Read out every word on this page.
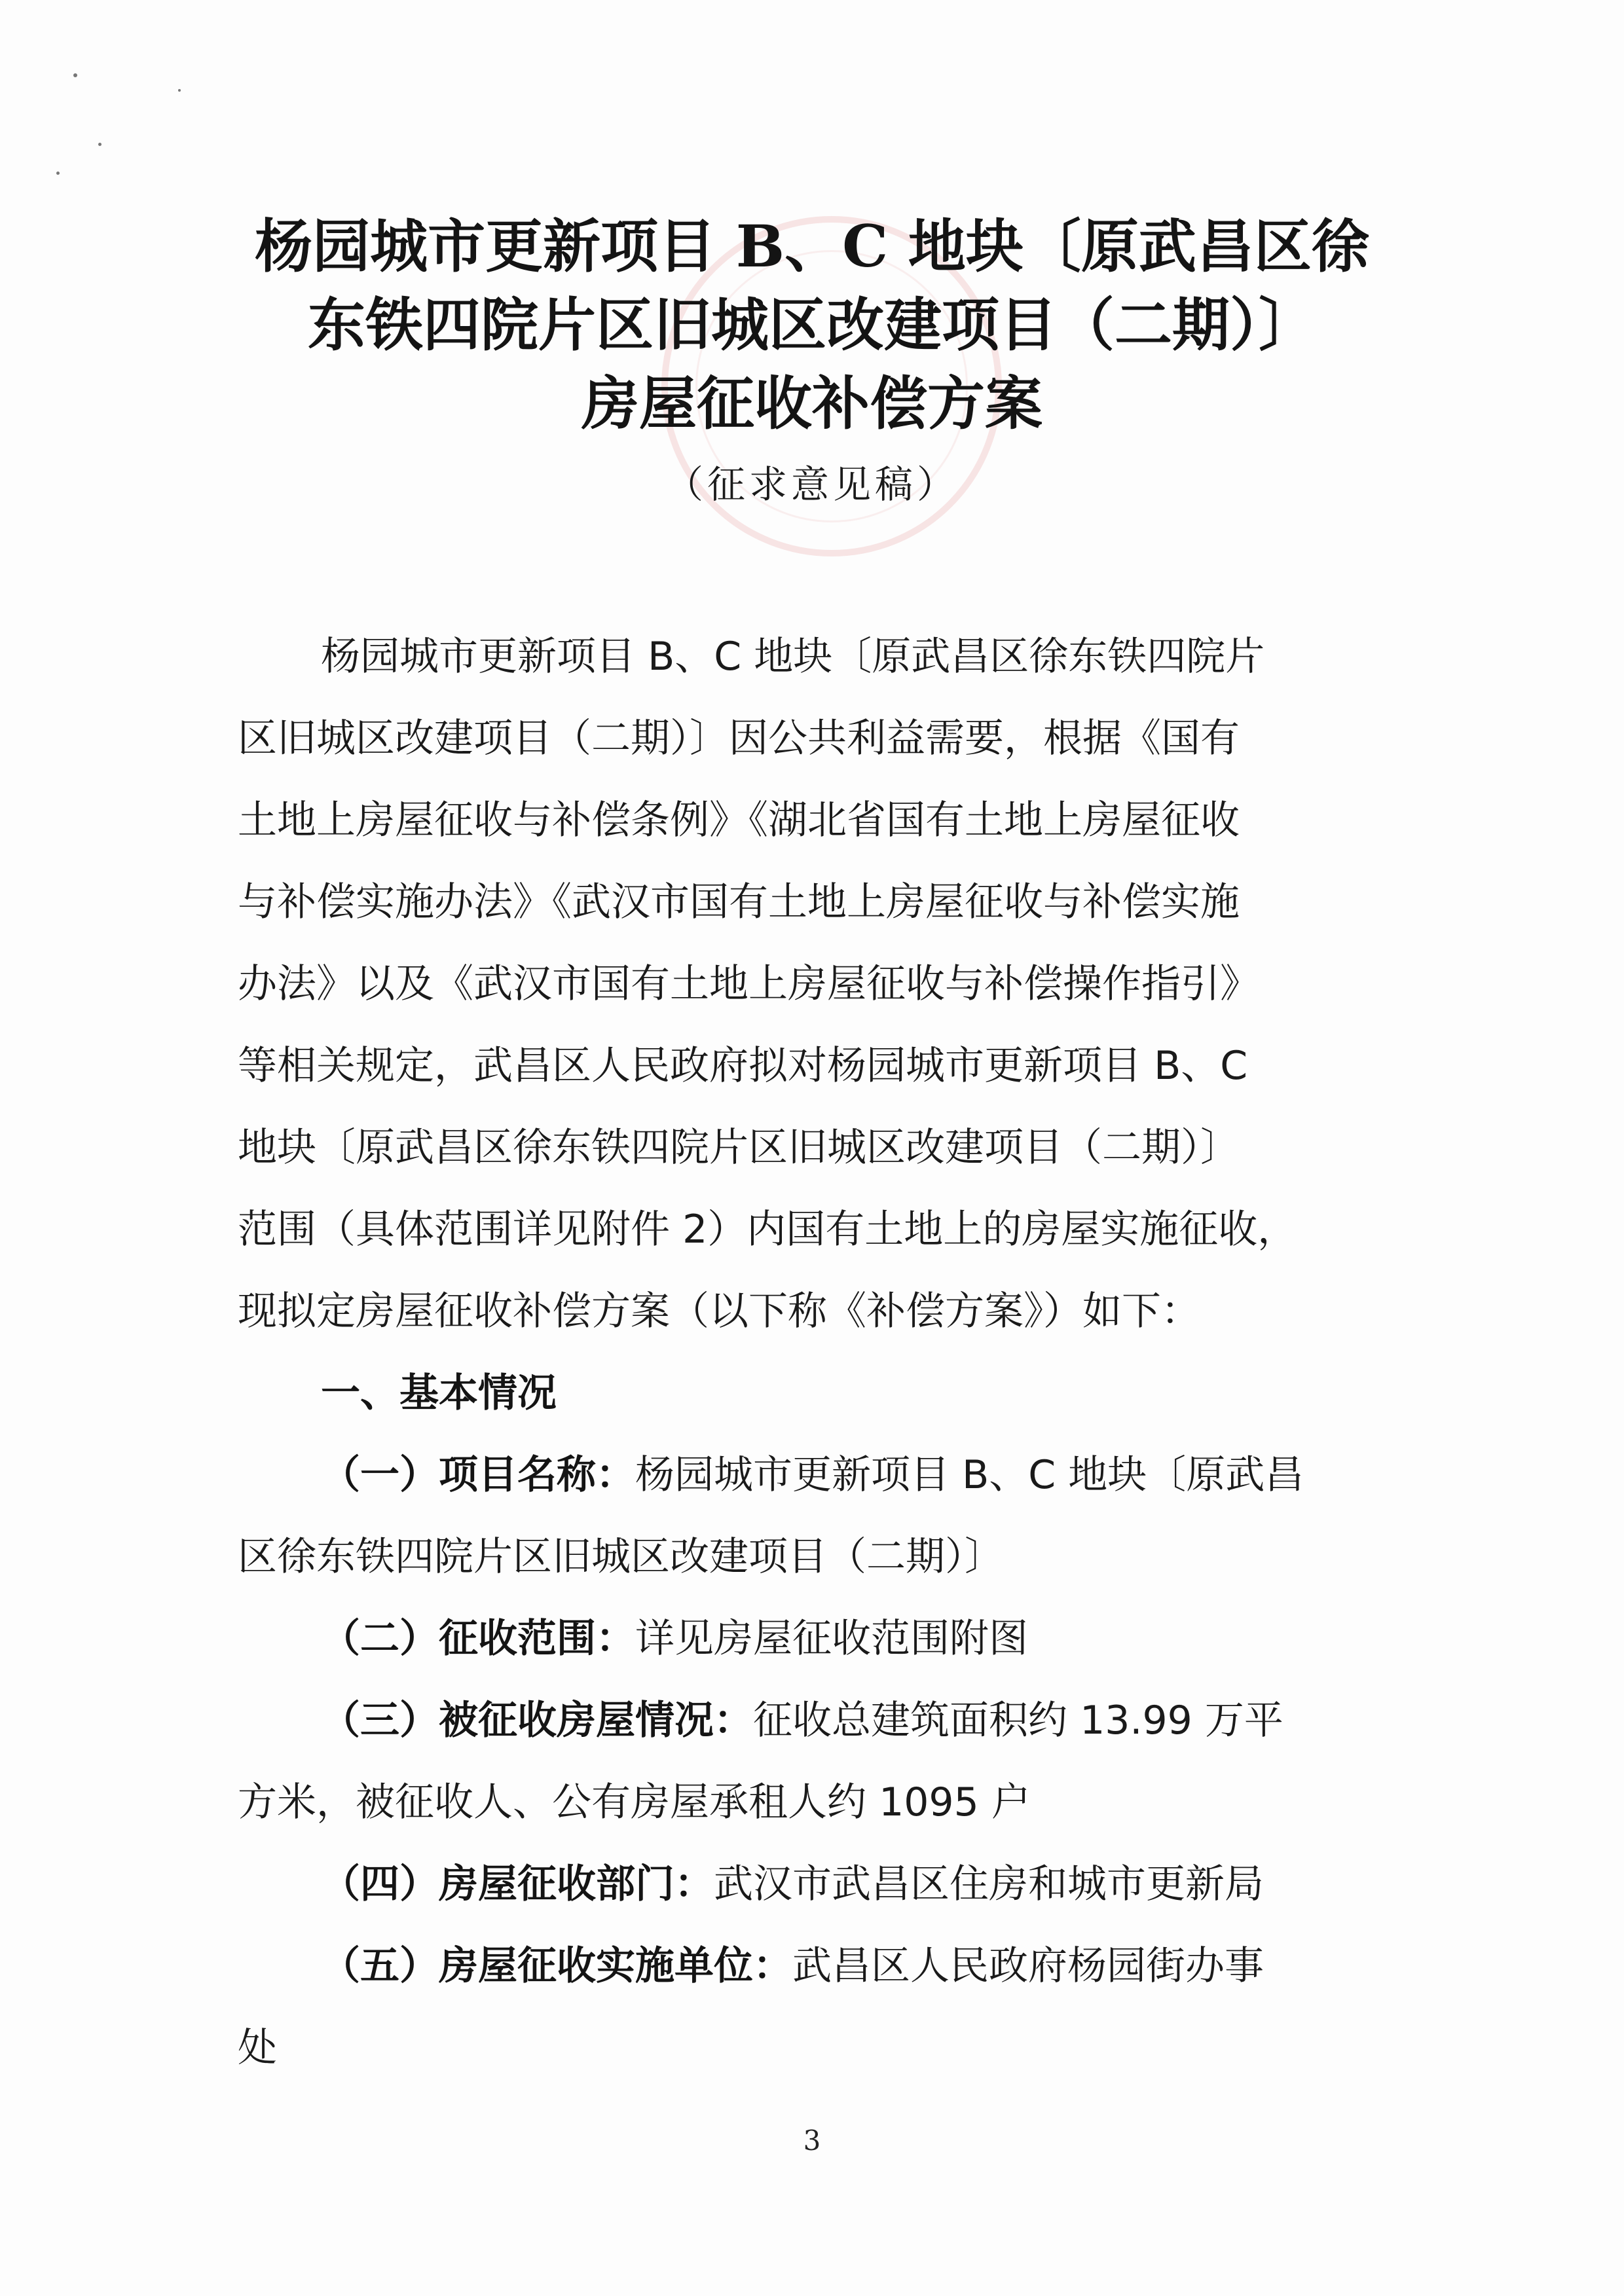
杨园城市更新项目 B、C 地块〔原武昌区徐
东铁四院片区旧城区改建项目（二期）〕
房屋征收补偿方案
（征求意见稿）
杨园城市更新项目 B、C 地块〔原武昌区徐东铁四院片
区旧城区改建项目（二期）〕因公共利益需要，根据《国有
土地上房屋征收与补偿条例》《湖北省国有土地上房屋征收
与补偿实施办法》《武汉市国有土地上房屋征收与补偿实施
办法》以及《武汉市国有土地上房屋征收与补偿操作指引》
等相关规定，武昌区人民政府拟对杨园城市更新项目 B、C
地块〔原武昌区徐东铁四院片区旧城区改建项目（二期）〕
范围（具体范围详见附件 2）内国有土地上的房屋实施征收，
现拟定房屋征收补偿方案（以下称《补偿方案》）如下：
一、基本情况
（一）项目名称：杨园城市更新项目 B、C 地块〔原武昌
区徐东铁四院片区旧城区改建项目（二期）〕
（二）征收范围：详见房屋征收范围附图
（三）被征收房屋情况：征收总建筑面积约 13.99 万平
方米，被征收人、公有房屋承租人约 1095 户
（四）房屋征收部门：武汉市武昌区住房和城市更新局
（五）房屋征收实施单位：武昌区人民政府杨园街办事
处
3
